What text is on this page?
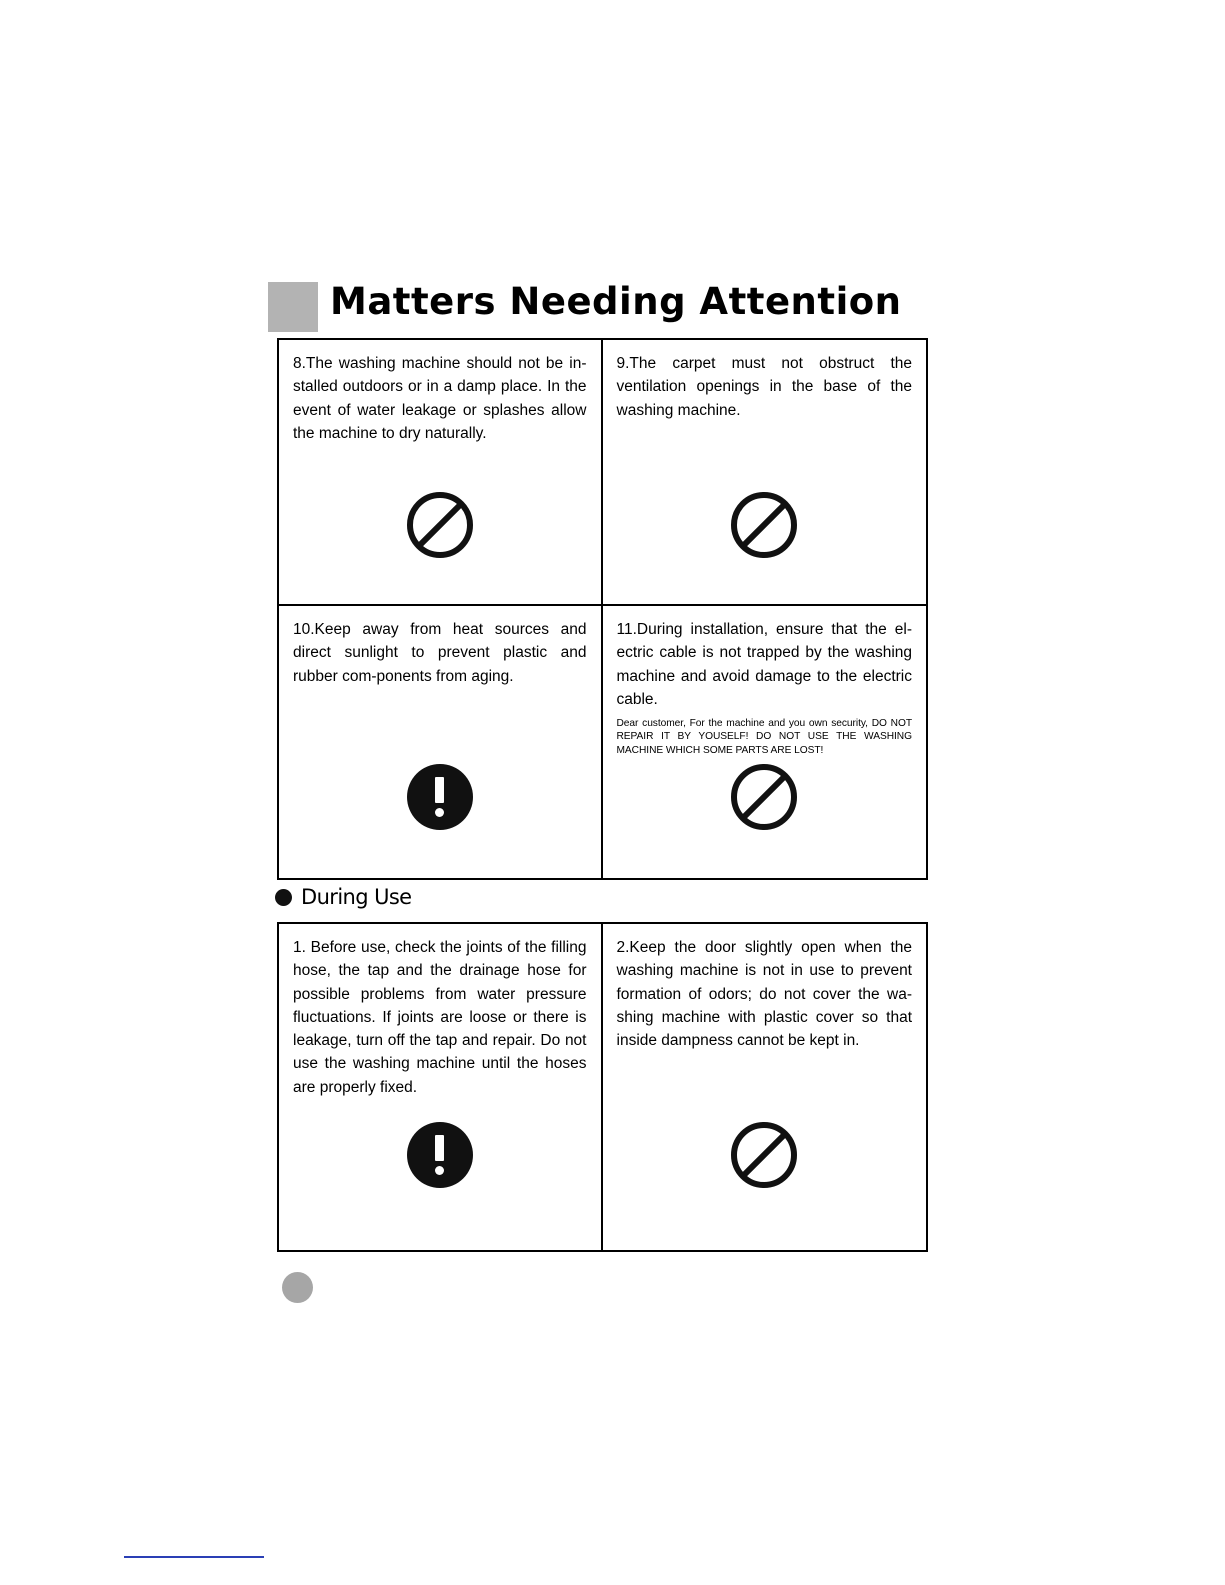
Matters Needing Attention

8.The washing machine should not be in-stalled outdoors or in a damp place. In the event of water leakage or splashes allow the machine to dry naturally.

9.The carpet must not obstruct the ventilation openings in the base of the washing machine.

10.Keep away from heat sources and direct sunlight to prevent plastic and rubber com-ponents from aging.

11.During installation, ensure that the el-ectric cable is not trapped by the washing machine and avoid damage to the electric cable.

Dear customer, For the machine and you own security, DO NOT REPAIR IT BY YOUSELF! DO NOT USE THE WASHING MACHINE WHICH SOME PARTS ARE LOST!

During Use

1. Before use, check the joints of the filling hose, the tap and the drainage hose for possible problems from water pressure fluctuations. If joints are loose or there is leakage, turn off the tap and repair. Do not use the washing machine until the hoses are properly fixed.

2.Keep the door slightly open when the washing machine is not in use to prevent formation of odors; do not cover the wa-shing machine with plastic cover so that inside dampness cannot be kept in.
